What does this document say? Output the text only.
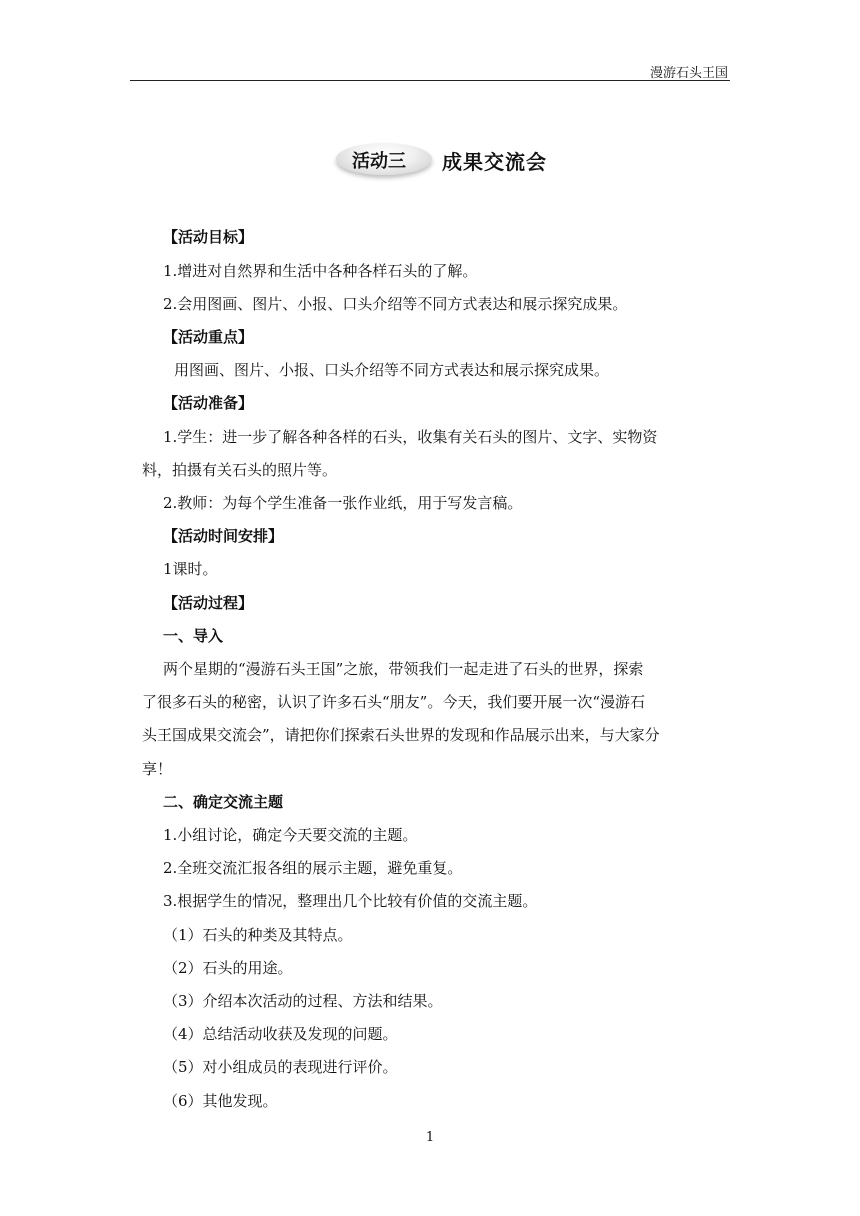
漫游石头王国
活动三 成果交流会
【活动目标】
1.增进对自然界和生活中各种各样石头的了解。
2.会用图画、图片、小报、口头介绍等不同方式表达和展示探究成果。
【活动重点】
用图画、图片、小报、口头介绍等不同方式表达和展示探究成果。
【活动准备】
1.学生：进一步了解各种各样的石头，收集有关石头的图片、文字、实物资
料，拍摄有关石头的照片等。
2.教师：为每个学生准备一张作业纸，用于写发言稿。
【活动时间安排】
1课时。
【活动过程】
一、导入
两个星期的“漫游石头王国”之旅，带领我们一起走进了石头的世界，探索
了很多石头的秘密，认识了许多石头“朋友”。今天，我们要开展一次“漫游石
头王国成果交流会”，请把你们探索石头世界的发现和作品展示出来，与大家分
享！
二、确定交流主题
1.小组讨论，确定今天要交流的主题。
2.全班交流汇报各组的展示主题，避免重复。
3.根据学生的情况，整理出几个比较有价值的交流主题。
（1）石头的种类及其特点。
（2）石头的用途。
（3）介绍本次活动的过程、方法和结果。
（4）总结活动收获及发现的问题。
（5）对小组成员的表现进行评价。
（6）其他发现。
1
